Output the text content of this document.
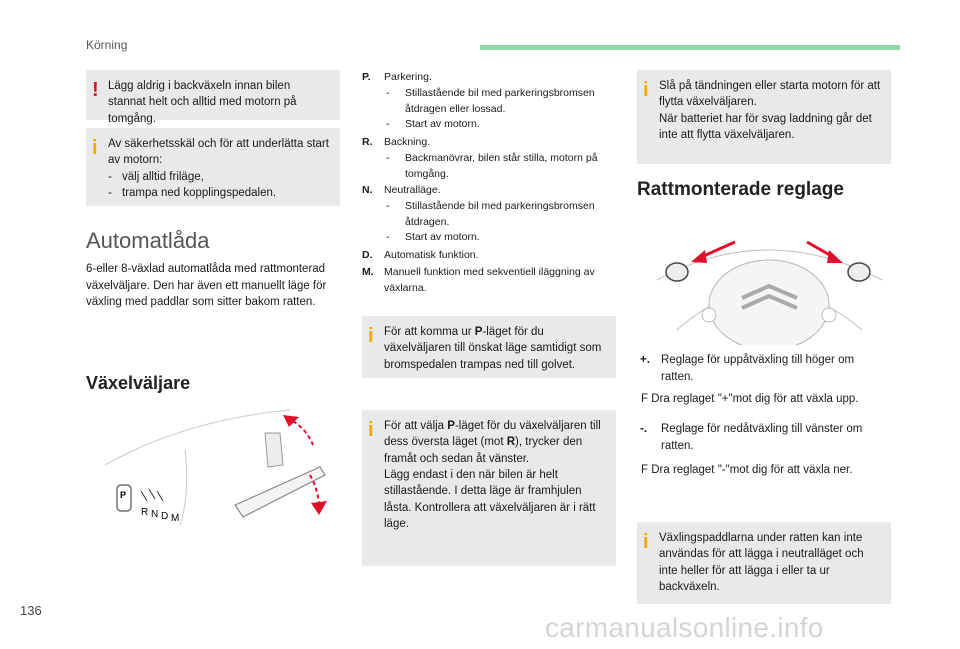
Körning
! Lägg aldrig i backväxeln innan bilen stannat helt och alltid med motorn på tomgång.

i Av säkerhetsskäl och för att underlätta start av motorn:

- välj alltid friläge,
- trampa ned kopplingspedalen.
Automatlåda

6-eller 8-växlad automatlåda med rattmonterad växelväljare. Den har även ett manuellt läge för växling med paddlar som sitter bakom ratten.

Växelväljare
P
R N D M
P. Parkering.
- Stillastående bil med parkeringsbromsen åtdragen eller lossad.
- Start av motorn.
R. Backning.
- Backmanövrar, bilen står stilla, motorn på tomgång.
N. Neutralläge.
- Stillastående bil med parkeringsbromsen åtdragen.
- Start av motorn.
D. Automatisk funktion.
M. Manuell funktion med sekventiell iläggning av växlarna.
i För att komma ur P-läget för du växelväljaren till önskat läge samtidigt som bromspedalen trampas ned till golvet.

i För att välja P-läget för du växelväljaren till dess översta läget (mot R), trycker den framåt och sedan åt vänster.

Lägg endast i den när bilen är helt stillastående. I detta läge är framhjulen låsta. Kontrollera att växelväljaren är i rätt läge.

i Slå på tändningen eller starta motorn för att flytta växelväljaren.

När batteriet har för svag laddning går det inte att flytta växelväljaren.

Rattmonterade reglage
+. Reglage för uppåtväxling till höger om ratten.
F Dra reglaget "+"mot dig för att växla upp.
-. Reglage för nedåtväxling till vänster om ratten.
F Dra reglaget "-"mot dig för att växla ner.
i Växlingspaddlarna under ratten kan inte användas för att lägga i neutralläget och inte heller för att lägga i eller ta ur backväxeln.

136
carmanualsonline.info
